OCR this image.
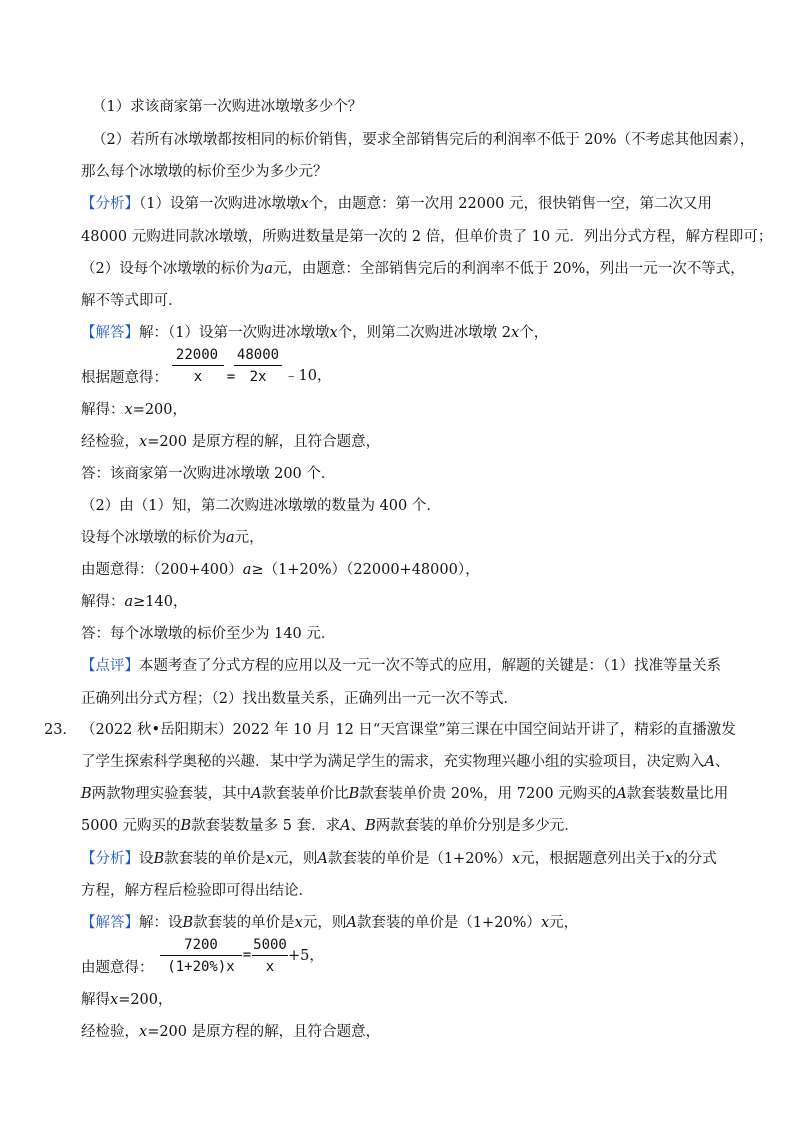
（1）求该商家第一次购进冰墩墩多少个？
（2）若所有冰墩墩都按相同的标价销售，要求全部销售完后的利润率不低于 20%（不考虑其他因素），
那么每个冰墩墩的标价至少为多少元？
【分析】（1）设第一次购进冰墩墩x个，由题意：第一次用 22000 元，很快销售一空，第二次又用
48000 元购进同款冰墩墩，所购进数量是第一次的 2 倍，但单价贵了 10 元．列出分式方程，解方程即可；
（2）设每个冰墩墩的标价为a元，由题意：全部销售完后的利润率不低于 20%，列出一元一次不等式，
解不等式即可．
【解答】解：（1）设第一次购进冰墩墩x个，则第二次购进冰墩墩 2x个，
根据题意得：
22000
x	=
48000
2x	﹣10，
解得：x=200，
经检验，x=200 是原方程的解，且符合题意，
答：该商家第一次购进冰墩墩 200 个．
（2）由（1）知，第二次购进冰墩墩的数量为 400 个．
设每个冰墩墩的标价为a元，
由题意得：（200+400）a≥（1+20%）（22000+48000），
解得：a≥140，
答：每个冰墩墩的标价至少为 140 元．
【点评】本题考查了分式方程的应用以及一元一次不等式的应用，解题的关键是：（1）找准等量关系
正确列出分式方程；（2）找出数量关系，正确列出一元一次不等式．
23． （2022 秋•岳阳期末）2022 年 10 月 12 日“天宫课堂”第三课在中国空间站开讲了，精彩的直播激发
了学生探索科学奥秘的兴趣．某中学为满足学生的需求，充实物理兴趣小组的实验项目，决定购入A、
B两款物理实验套装，其中A款套装单价比B款套装单价贵 20%，用 7200 元购买的A款套装数量比用
5000 元购买的B款套装数量多 5 套．求A、B两款套装的单价分别是多少元．
【分析】设B款套装的单价是x元，则A款套装的单价是（1+20%）x元，根据题意列出关于x的分式
方程，解方程后检验即可得出结论．
【解答】解：设B款套装的单价是x元，则A款套装的单价是（1+20%）x元，
由题意得：
7200
(1+20%)x
=
5000
x
+5，
解得x=200，
经检验，x=200 是原方程的解，且符合题意，
